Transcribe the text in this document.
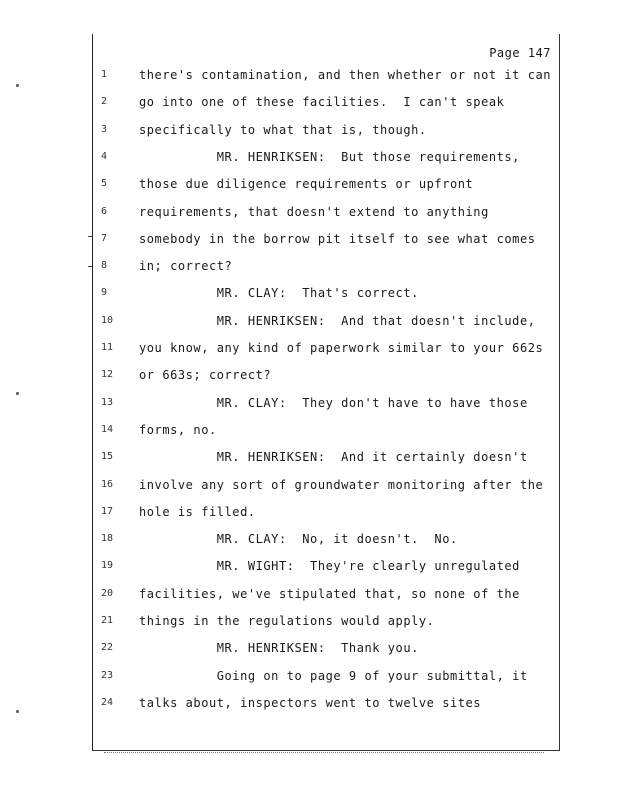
Page 147
1	there's contamination, and then whether or not it can
2	go into one of these facilities.  I can't speak
3	specifically to what that is, though.
4	MR. HENRIKSEN:  But those requirements,
5	those due diligence requirements or upfront
6	requirements, that doesn't extend to anything
7	somebody in the borrow pit itself to see what comes
8	in; correct?
9	MR. CLAY:  That's correct.
10	MR. HENRIKSEN:  And that doesn't include,
11	you know, any kind of paperwork similar to your 662s
12	or 663s; correct?
13	MR. CLAY:  They don't have to have those
14	forms, no.
15	MR. HENRIKSEN:  And it certainly doesn't
16	involve any sort of groundwater monitoring after the
17	hole is filled.
18	MR. CLAY:  No, it doesn't.  No.
19	MR. WIGHT:  They're clearly unregulated
20	facilities, we've stipulated that, so none of the
21	things in the regulations would apply.
22	MR. HENRIKSEN:  Thank you.
23	Going on to page 9 of your submittal, it
24	talks about, inspectors went to twelve sites
